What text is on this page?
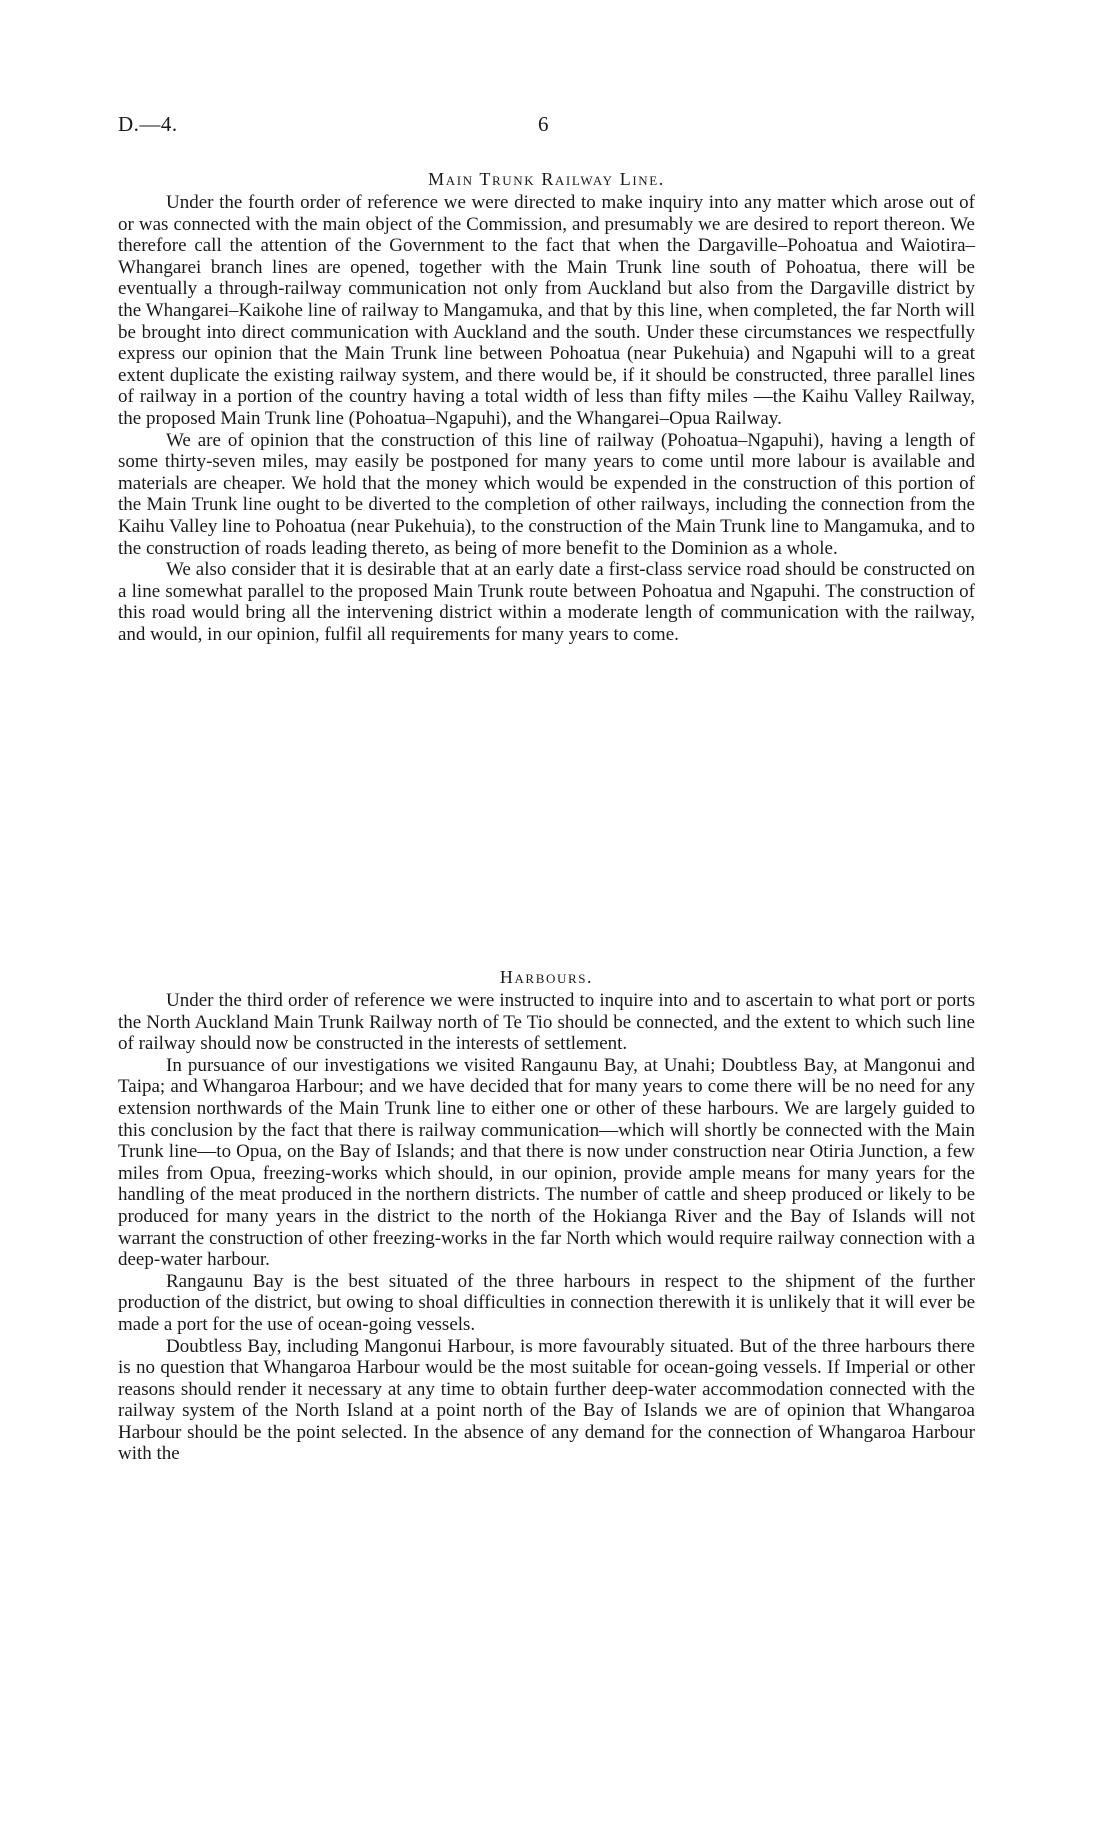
D.—4.	6
Main Trunk Railway Line.

Under the fourth order of reference we were directed to make inquiry into any matter which arose out of or was connected with the main object of the Commission, and presumably we are desired to report thereon. We therefore call the attention of the Government to the fact that when the Dargaville–Pohoatua and Waiotira–Whangarei branch lines are opened, together with the Main Trunk line south of Pohoatua, there will be eventually a through-railway communication not only from Auckland but also from the Dargaville district by the Whangarei–Kaikohe line of railway to Mangamuka, and that by this line, when completed, the far North will be brought into direct communication with Auckland and the south. Under these circumstances we respectfully express our opinion that the Main Trunk line between Pohoatua (near Pukehuia) and Ngapuhi will to a great extent duplicate the existing railway system, and there would be, if it should be constructed, three parallel lines of railway in a portion of the country having a total width of less than fifty miles —the Kaihu Valley Railway, the proposed Main Trunk line (Pohoatua–Ngapuhi), and the Whangarei–Opua Railway.

We are of opinion that the construction of this line of railway (Pohoatua–Ngapuhi), having a length of some thirty-seven miles, may easily be postponed for many years to come until more labour is available and materials are cheaper. We hold that the money which would be expended in the construction of this portion of the Main Trunk line ought to be diverted to the completion of other railways, including the connection from the Kaihu Valley line to Pohoatua (near Pukehuia), to the construction of the Main Trunk line to Mangamuka, and to the construction of roads leading thereto, as being of more benefit to the Dominion as a whole.

We also consider that it is desirable that at an early date a first-class service road should be constructed on a line somewhat parallel to the proposed Main Trunk route between Pohoatua and Ngapuhi. The construction of this road would bring all the intervening district within a moderate length of communication with the railway, and would, in our opinion, fulfil all requirements for many years to come.

Harbours.

Under the third order of reference we were instructed to inquire into and to ascertain to what port or ports the North Auckland Main Trunk Railway north of Te Tio should be connected, and the extent to which such line of railway should now be constructed in the interests of settlement.

In pursuance of our investigations we visited Rangaunu Bay, at Unahi; Doubtless Bay, at Mangonui and Taipa; and Whangaroa Harbour; and we have decided that for many years to come there will be no need for any extension northwards of the Main Trunk line to either one or other of these harbours. We are largely guided to this conclusion by the fact that there is railway communication—which will shortly be connected with the Main Trunk line—to Opua, on the Bay of Islands; and that there is now under construction near Otiria Junction, a few miles from Opua, freezing-works which should, in our opinion, provide ample means for many years for the handling of the meat produced in the northern districts. The number of cattle and sheep produced or likely to be produced for many years in the district to the north of the Hokianga River and the Bay of Islands will not warrant the construction of other freezing-works in the far North which would require railway connection with a deep-water harbour.

Rangaunu Bay is the best situated of the three harbours in respect to the shipment of the further production of the district, but owing to shoal difficulties in connection therewith it is unlikely that it will ever be made a port for the use of ocean-going vessels.

Doubtless Bay, including Mangonui Harbour, is more favourably situated. But of the three harbours there is no question that Whangaroa Harbour would be the most suitable for ocean-going vessels. If Imperial or other reasons should render it necessary at any time to obtain further deep-water accommodation connected with the railway system of the North Island at a point north of the Bay of Islands we are of opinion that Whangaroa Harbour should be the point selected. In the absence of any demand for the connection of Whangaroa Harbour with the
